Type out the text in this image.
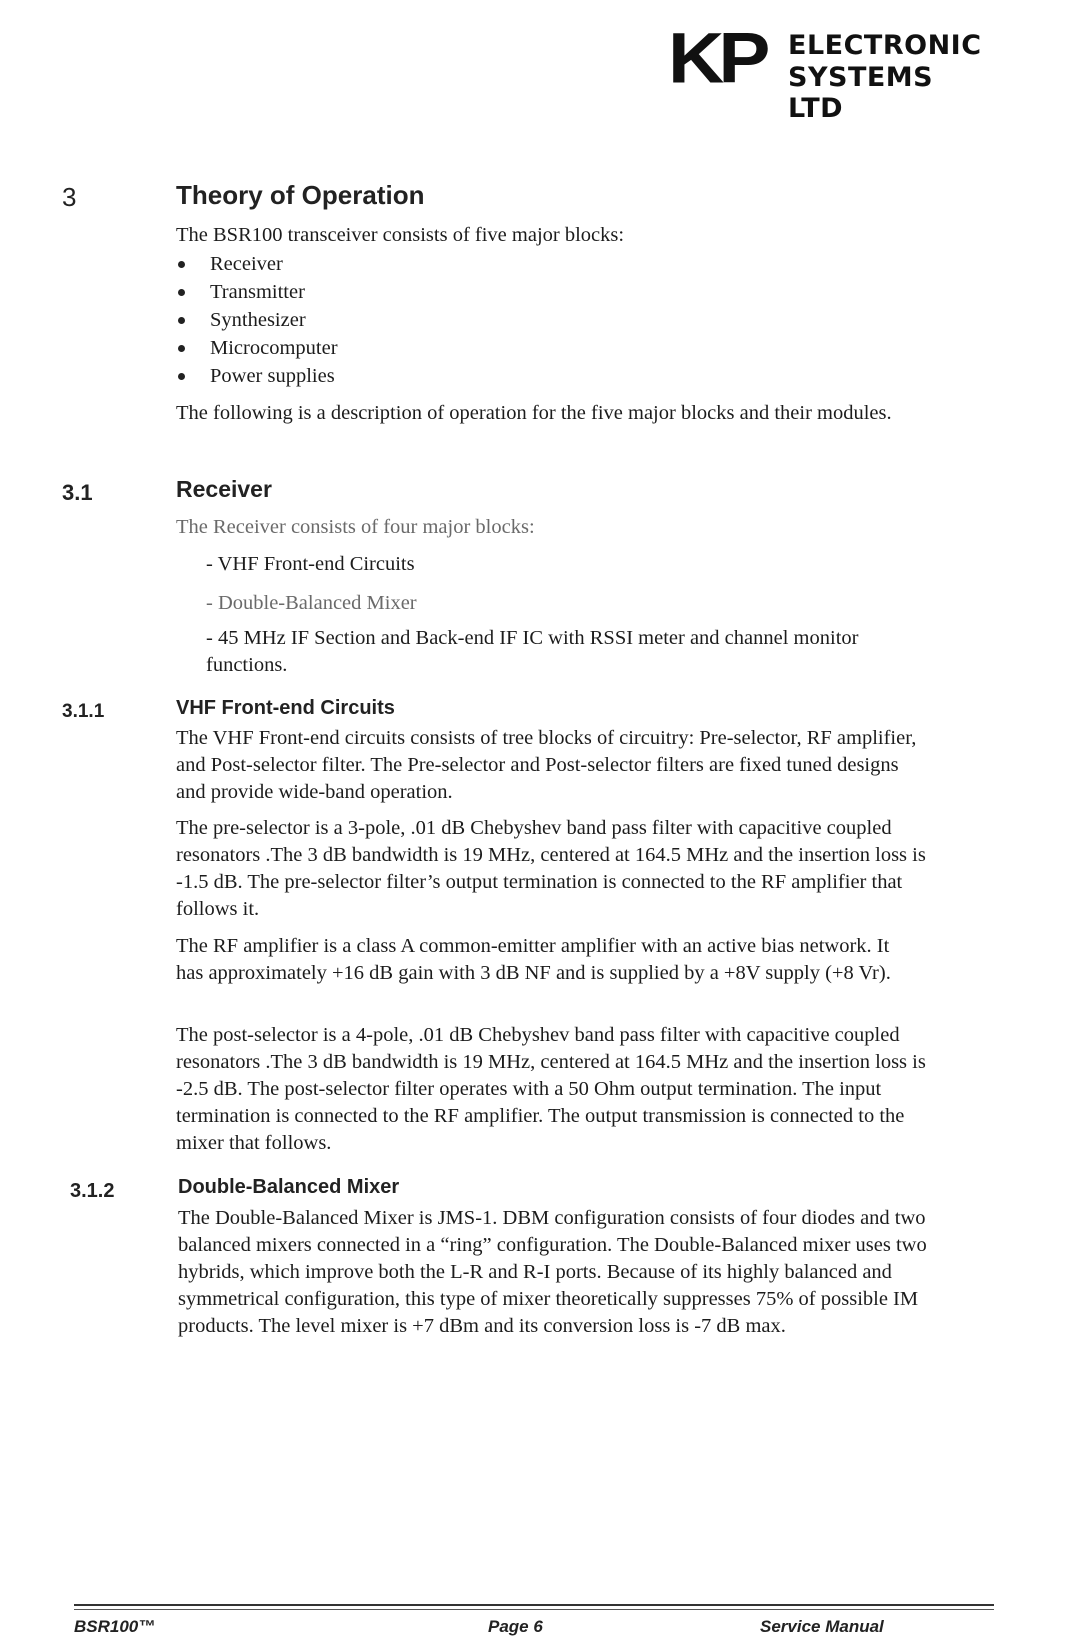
KP ELECTRONIC
SYSTEMS LTD
3	Theory of Operation

The BSR100 transceiver consists of five major blocks:

Receiver
Transmitter
Synthesizer
Microcomputer
Power supplies

The following is a description of operation for the five major blocks and their modules.

3.1	Receiver

The Receiver consists of four major blocks:

- VHF Front-end Circuits

- Double-Balanced Mixer

- 45 MHz IF Section and Back-end IF IC with RSSI meter and channel monitor functions.

3.1.1	VHF Front-end Circuits

The VHF Front-end circuits consists of tree blocks of circuitry: Pre-selector, RF amplifier, and Post-selector filter. The Pre-selector and Post-selector filters are fixed tuned designs and provide wide-band operation.

The pre-selector is a 3-pole, .01 dB Chebyshev band pass filter with capacitive coupled resonators .The 3 dB bandwidth is 19 MHz, centered at 164.5 MHz and the insertion loss is -1.5 dB. The pre-selector filter’s output termination is connected to the RF amplifier that follows it.

The RF amplifier is a class A common-emitter amplifier with an active bias network. It has approximately +16 dB gain with 3 dB NF and is supplied by a +8V supply (+8 Vr).

The post-selector is a 4-pole, .01 dB Chebyshev band pass filter with capacitive coupled resonators .The 3 dB bandwidth is 19 MHz, centered at 164.5 MHz and the insertion loss is -2.5 dB. The post-selector filter operates with a 50 Ohm output termination. The input termination is connected to the RF amplifier. The output transmission is connected to the mixer that follows.

3.1.2	Double-Balanced Mixer

The Double-Balanced Mixer is JMS-1. DBM configuration consists of four diodes and two balanced mixers connected in a “ring” configuration. The Double-Balanced mixer uses two hybrids, which improve both the L-R and R-I ports. Because of its highly balanced and symmetrical configuration, this type of mixer theoretically suppresses 75% of possible IM products. The level mixer is +7 dBm and its conversion loss is -7 dB max.

BSR100™	Page 6	Service Manual
